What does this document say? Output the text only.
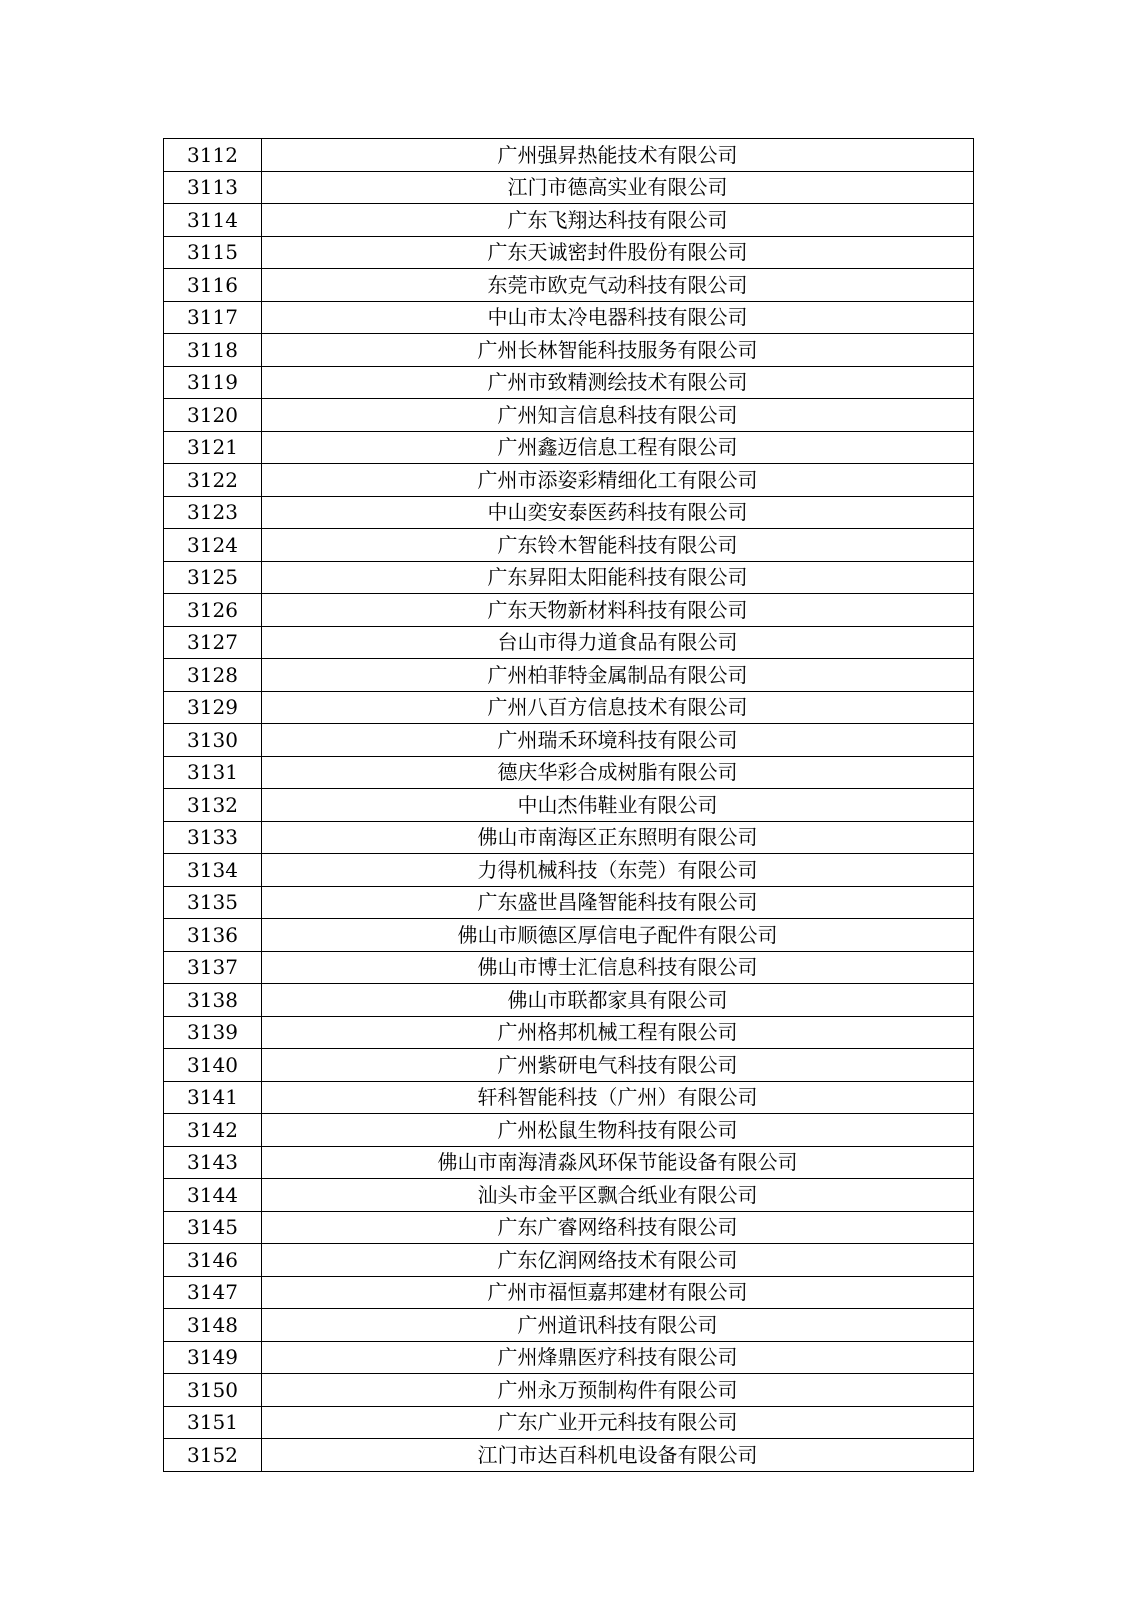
3112	广州强昇热能技术有限公司
3113	江门市德高实业有限公司
3114	广东飞翔达科技有限公司
3115	广东天诚密封件股份有限公司
3116	东莞市欧克气动科技有限公司
3117	中山市太冷电器科技有限公司
3118	广州长林智能科技服务有限公司
3119	广州市致精测绘技术有限公司
3120	广州知言信息科技有限公司
3121	广州鑫迈信息工程有限公司
3122	广州市添姿彩精细化工有限公司
3123	中山奕安泰医药科技有限公司
3124	广东铃木智能科技有限公司
3125	广东昇阳太阳能科技有限公司
3126	广东天物新材料科技有限公司
3127	台山市得力道食品有限公司
3128	广州柏菲特金属制品有限公司
3129	广州八百方信息技术有限公司
3130	广州瑞禾环境科技有限公司
3131	德庆华彩合成树脂有限公司
3132	中山杰伟鞋业有限公司
3133	佛山市南海区正东照明有限公司
3134	力得机械科技（东莞）有限公司
3135	广东盛世昌隆智能科技有限公司
3136	佛山市顺德区厚信电子配件有限公司
3137	佛山市博士汇信息科技有限公司
3138	佛山市联都家具有限公司
3139	广州格邦机械工程有限公司
3140	广州紫研电气科技有限公司
3141	轩科智能科技（广州）有限公司
3142	广州松鼠生物科技有限公司
3143	佛山市南海清淼风环保节能设备有限公司
3144	汕头市金平区飘合纸业有限公司
3145	广东广睿网络科技有限公司
3146	广东亿润网络技术有限公司
3147	广州市福恒嘉邦建材有限公司
3148	广州道讯科技有限公司
3149	广州烽鼎医疗科技有限公司
3150	广州永万预制构件有限公司
3151	广东广业开元科技有限公司
3152	江门市达百科机电设备有限公司
